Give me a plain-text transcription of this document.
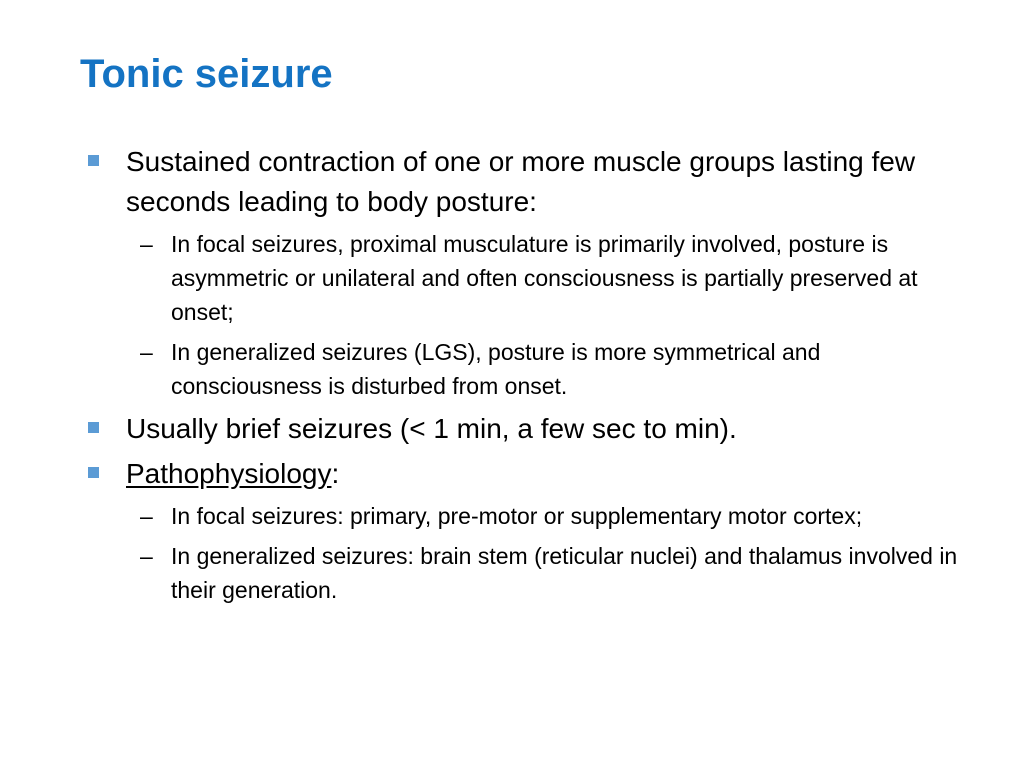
Tonic seizure
Sustained contraction of one or more muscle groups lasting few seconds leading to body posture:
– In focal seizures, proximal musculature is primarily involved, posture is asymmetric or unilateral and often consciousness is partially preserved at onset;
– In generalized seizures (LGS), posture is more symmetrical and consciousness is disturbed from onset.
Usually brief seizures (< 1 min, a few sec to min).
Pathophysiology:
– In focal seizures: primary, pre-motor or supplementary motor cortex;
– In generalized seizures: brain stem (reticular nuclei) and thalamus involved in their generation.
